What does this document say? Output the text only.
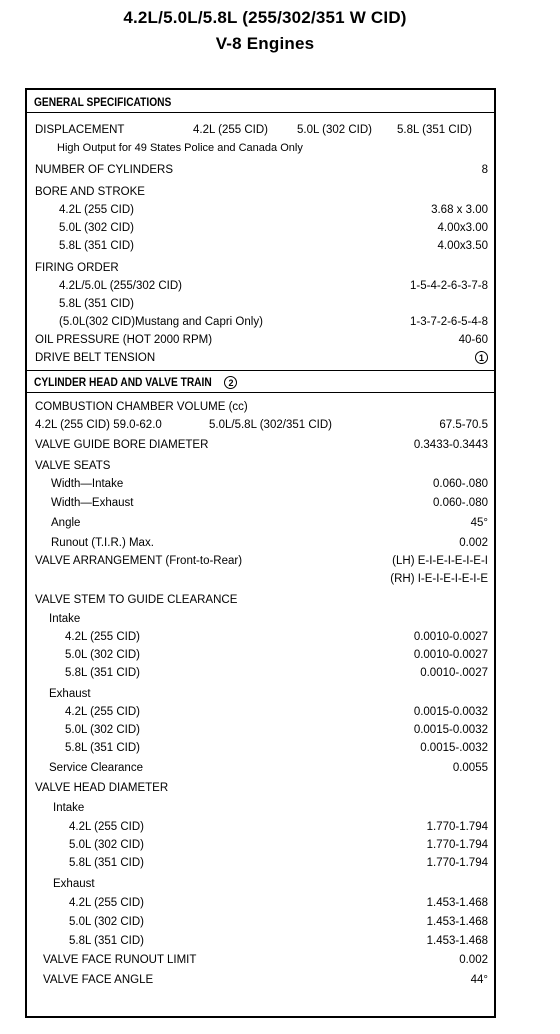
4.2L/5.0L/5.8L (255/302/351 W CID)
V-8 Engines
GENERAL SPECIFICATIONS
DISPLACEMENT	4.2L (255 CID)	5.0L (302 CID) 5.8L (351 CID)
High Output for 49 States Police and Canada Only
NUMBER OF CYLINDERS	8
BORE AND STROKE
4.2L (255 CID)	3.68 x 3.00
5.0L (302 CID)	4.00x3.00
5.8L (351 CID)	4.00x3.50
FIRING ORDER
4.2L/5.0L (255/302 CID)	1-5-4-2-6-3-7-8
5.8L (351 CID)
(5.0L(302 CID)Mustang and Capri Only)	1-3-7-2-6-5-4-8
OIL PRESSURE (HOT 2000 RPM)	40-60
DRIVE BELT TENSION	1
CYLINDER HEAD AND VALVE TRAIN 2
COMBUSTION CHAMBER VOLUME (cc)
4.2L (255 CID) 59.0-62.0	5.0L/5.8L (302/351 CID)	67.5-70.5
VALVE GUIDE BORE DIAMETER	0.3433-0.3443
VALVE SEATS
Width—Intake	0.060-.080
Width—Exhaust	0.060-.080
Angle	45°
Runout (T.I.R.) Max.	0.002
VALVE ARRANGEMENT (Front-to-Rear)	(LH) E-I-E-I-E-I-E-I
(RH) I-E-I-E-I-E-I-E
VALVE STEM TO GUIDE CLEARANCE
Intake
4.2L (255 CID)	0.0010-0.0027
5.0L (302 CID)	0.0010-0.0027
5.8L (351 CID)	0.0010-.0027
Exhaust
4.2L (255 CID)	0.0015-0.0032
5.0L (302 CID)	0.0015-0.0032
5.8L (351 CID)	0.0015-.0032
Service Clearance	0.0055
VALVE HEAD DIAMETER
Intake
4.2L (255 CID)	1.770-1.794
5.0L (302 CID)	1.770-1.794
5.8L (351 CID)	1.770-1.794
Exhaust
4.2L (255 CID)	1.453-1.468
5.0L (302 CID)	1.453-1.468
5.8L (351 CID)	1.453-1.468
VALVE FACE RUNOUT LIMIT	0.002
VALVE FACE ANGLE	44°
